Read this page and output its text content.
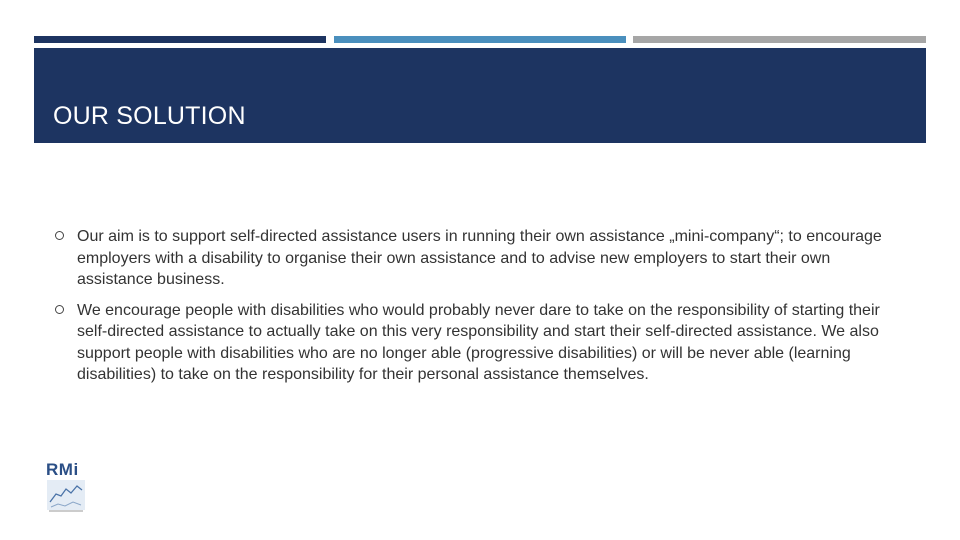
OUR SOLUTION
Our aim is to support self-directed assistance users in running their own assistance „mini-company“; to encourage employers with a disability to organise their own assistance and to advise new employers to start their own assistance business.
We encourage people with disabilities who would probably never dare to take on the responsibility of starting their self-directed assistance to actually take on this very responsibility and start their self-directed assistance. We also support people with disabilities who are no longer able (progressive disabilities) or will be never able (learning disabilities) to take on the responsibility for their personal assistance themselves.

RMi
